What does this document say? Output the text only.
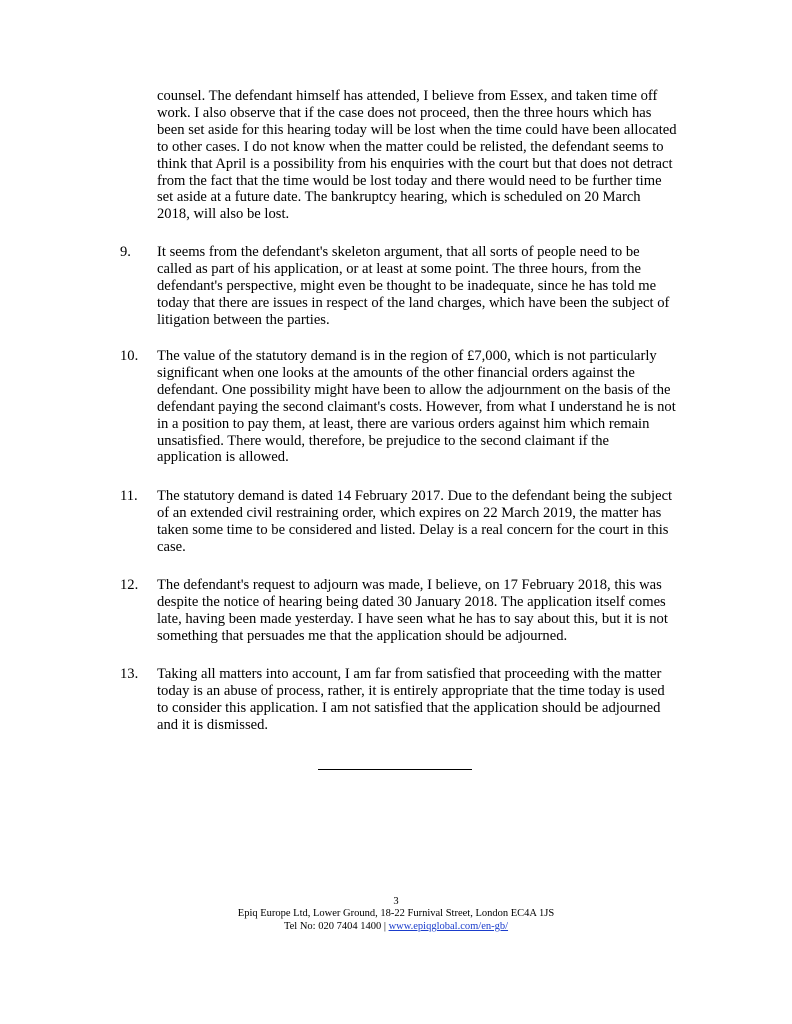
counsel. The defendant himself has attended, I believe from Essex, and taken time off work. I also observe that if the case does not proceed, then the three hours which has been set aside for this hearing today will be lost when the time could have been allocated to other cases. I do not know when the matter could be relisted, the defendant seems to think that April is a possibility from his enquiries with the court but that does not detract from the fact that the time would be lost today and there would need to be further time set aside at a future date. The bankruptcy hearing, which is scheduled on 20 March 2018, will also be lost.
9.	It seems from the defendant's skeleton argument, that all sorts of people need to be called as part of his application, or at least at some point. The three hours, from the defendant's perspective, might even be thought to be inadequate, since he has told me today that there are issues in respect of the land charges, which have been the subject of litigation between the parties.
10.	The value of the statutory demand is in the region of £7,000, which is not particularly significant when one looks at the amounts of the other financial orders against the defendant. One possibility might have been to allow the adjournment on the basis of the defendant paying the second claimant's costs. However, from what I understand he is not in a position to pay them, at least, there are various orders against him which remain unsatisfied. There would, therefore, be prejudice to the second claimant if the application is allowed.
11.	The statutory demand is dated 14 February 2017. Due to the defendant being the subject of an extended civil restraining order, which expires on 22 March 2019, the matter has taken some time to be considered and listed. Delay is a real concern for the court in this case.
12.	The defendant's request to adjourn was made, I believe, on 17 February 2018, this was despite the notice of hearing being dated 30 January 2018. The application itself comes late, having been made yesterday. I have seen what he has to say about this, but it is not something that persuades me that the application should be adjourned.
13.	Taking all matters into account, I am far from satisfied that proceeding with the matter today is an abuse of process, rather, it is entirely appropriate that the time today is used to consider this application. I am not satisfied that the application should be adjourned and it is dismissed.
3
Epiq Europe Ltd, Lower Ground, 18-22 Furnival Street, London EC4A 1JS
Tel No: 020 7404 1400 | www.epiqglobal.com/en-gb/
